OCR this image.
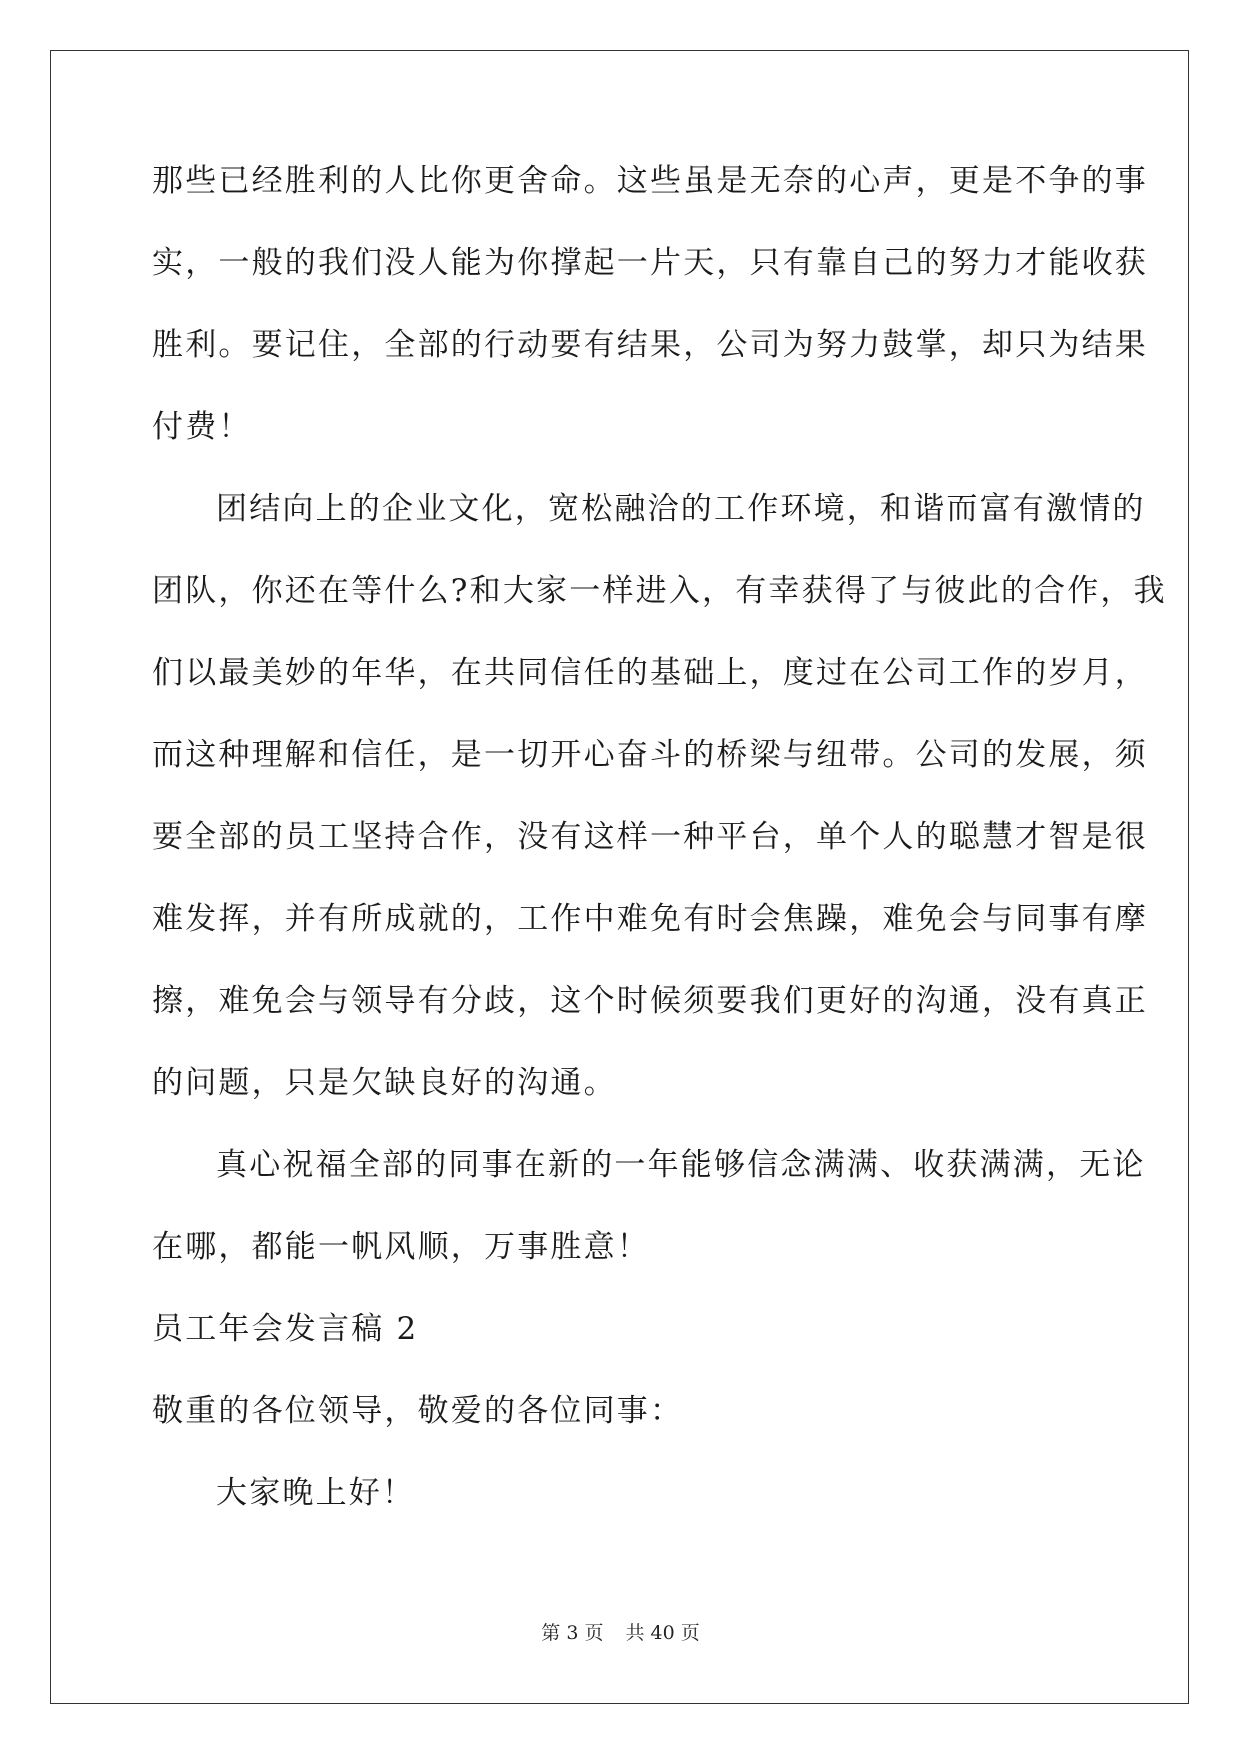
那些已经胜利的人比你更舍命。这些虽是无奈的心声，更是不争的事
实，一般的我们没人能为你撑起一片天，只有靠自己的努力才能收获
胜利。要记住，全部的行动要有结果，公司为努力鼓掌，却只为结果
付费！
团结向上的企业文化，宽松融洽的工作环境，和谐而富有激情的
团队，你还在等什么?和大家一样进入，有幸获得了与彼此的合作，我
们以最美妙的年华，在共同信任的基础上，度过在公司工作的岁月，
而这种理解和信任，是一切开心奋斗的桥梁与纽带。公司的发展，须
要全部的员工坚持合作，没有这样一种平台，单个人的聪慧才智是很
难发挥，并有所成就的，工作中难免有时会焦躁，难免会与同事有摩
擦，难免会与领导有分歧，这个时候须要我们更好的沟通，没有真正
的问题，只是欠缺良好的沟通。
真心祝福全部的同事在新的一年能够信念满满、收获满满，无论
在哪，都能一帆风顺，万事胜意！
员工年会发言稿 2
敬重的各位领导，敬爱的各位同事：
大家晚上好！
第 3 页 共 40 页
